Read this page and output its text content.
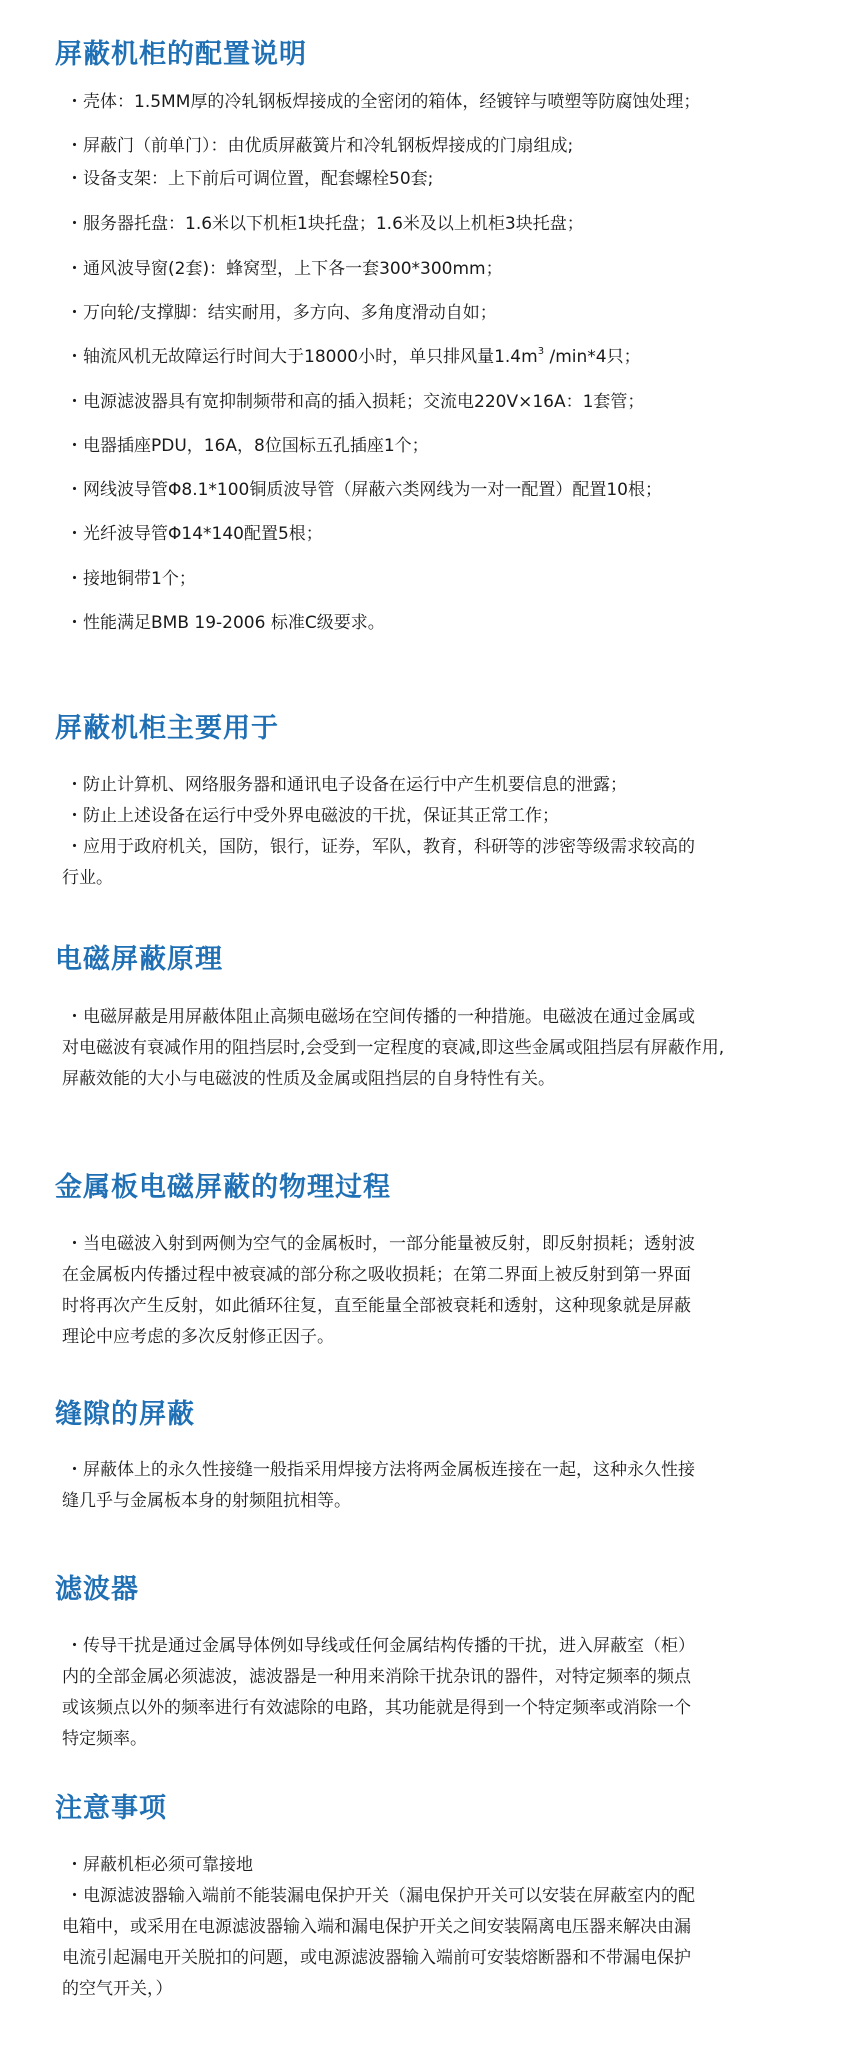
屏蔽机柜的配置说明

・壳体：1.5MM厚的冷轧钢板焊接成的全密闭的箱体，经镀锌与喷塑等防腐蚀处理；

・屏蔽门（前单门）：由优质屏蔽簧片和冷轧钢板焊接成的门扇组成;

・设备支架：上下前后可调位置，配套螺栓50套;

・服务器托盘：1.6米以下机柜1块托盘；1.6米及以上机柜3块托盘；

・通风波导窗(2套)：蜂窝型，上下各一套300*300mm；

・万向轮/支撑脚：结实耐用，多方向、多角度滑动自如；

・轴流风机无故障运行时间大于18000小时，单只排风量$1.4m^3$ /min*4只；

・电源滤波器具有宽抑制频带和高的插入损耗；交流电220V×16A：1套管；

・电器插座PDU，16A，8位国标五孔插座1个；

・网线波导管Φ8.1*100铜质波导管（屏蔽六类网线为一对一配置）配置10根；

・光纤波导管Φ14*140配置5根；

・接地铜带1个；

・性能满足BMB 19-2006 标准C级要求。

屏蔽机柜主要用于

・防止计算机、网络服务器和通讯电子设备在运行中产生机要信息的泄露；

・防止上述设备在运行中受外界电磁波的干扰，保证其正常工作；

・应用于政府机关，国防，银行，证券，军队，教育，科研等的涉密等级需求较高的

行业。

电磁屏蔽原理

・电磁屏蔽是用屏蔽体阻止高频电磁场在空间传播的一种措施。电磁波在通过金属或

对电磁波有衰减作用的阻挡层时,会受到一定程度的衰减,即这些金属或阻挡层有屏蔽作用,

屏蔽效能的大小与电磁波的性质及金属或阻挡层的自身特性有关。

金属板电磁屏蔽的物理过程

・当电磁波入射到两侧为空气的金属板时，一部分能量被反射，即反射损耗；透射波

在金属板内传播过程中被衰减的部分称之吸收损耗；在第二界面上被反射到第一界面

时将再次产生反射，如此循环往复，直至能量全部被衰耗和透射，这种现象就是屏蔽

理论中应考虑的多次反射修正因子。

缝隙的屏蔽

・屏蔽体上的永久性接缝一般指采用焊接方法将两金属板连接在一起，这种永久性接

缝几乎与金属板本身的射频阻抗相等。

滤波器

・传导干扰是通过金属导体例如导线或任何金属结构传播的干扰，进入屏蔽室（柜）

内的全部金属必须滤波，滤波器是一种用来消除干扰杂讯的器件，对特定频率的频点

或该频点以外的频率进行有效滤除的电路，其功能就是得到一个特定频率或消除一个

特定频率。

注意事项

・屏蔽机柜必须可靠接地

・电源滤波器输入端前不能装漏电保护开关（漏电保护开关可以安装在屏蔽室内的配

电箱中，或采用在电源滤波器输入端和漏电保护开关之间安装隔离电压器来解决由漏

电流引起漏电开关脱扣的问题，或电源滤波器输入端前可安装熔断器和不带漏电保护

的空气开关，）
